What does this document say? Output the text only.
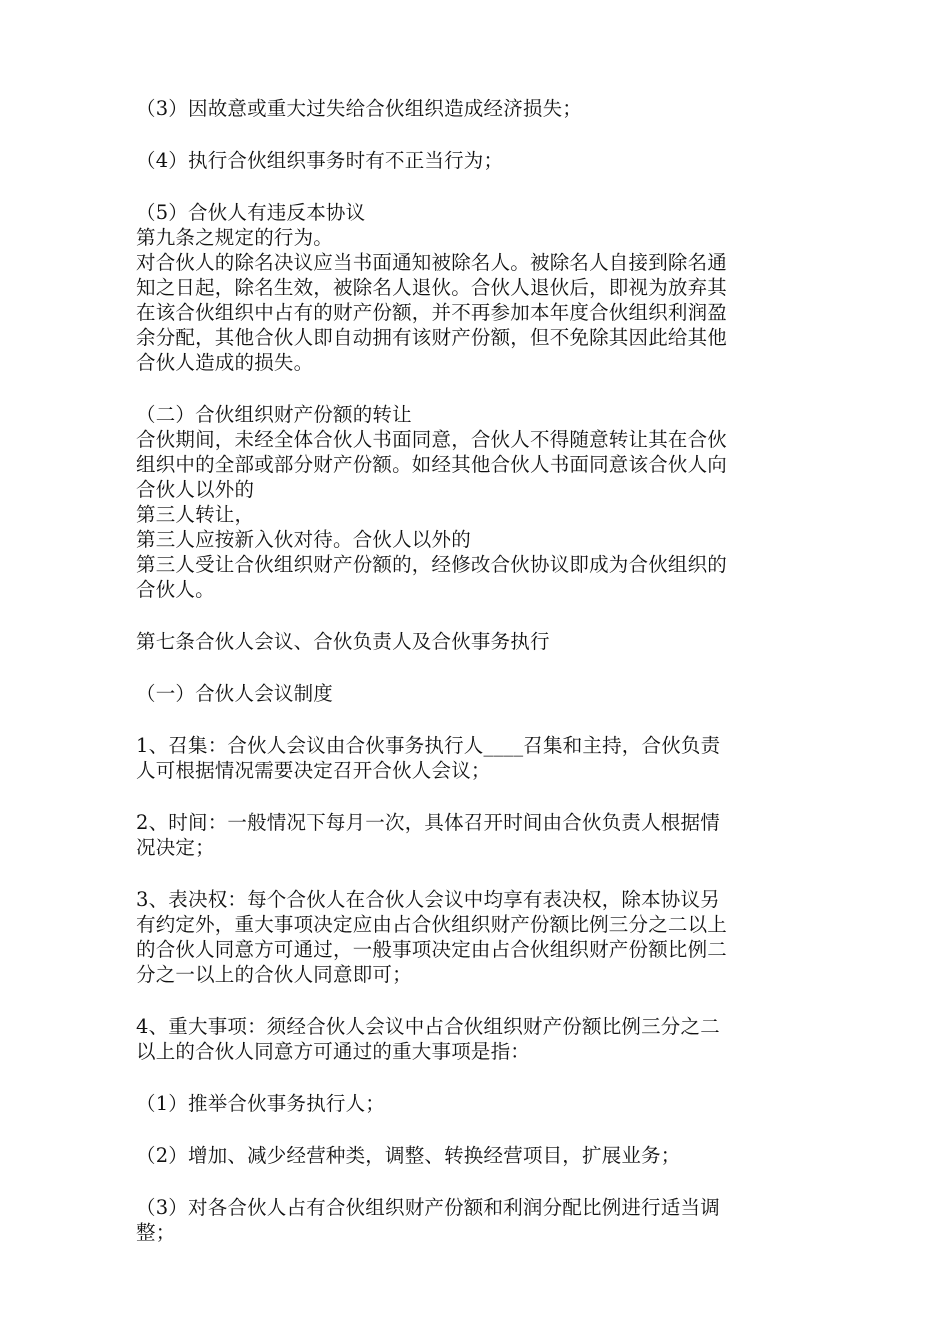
（3）因故意或重大过失给合伙组织造成经济损失；
（4）执行合伙组织事务时有不正当行为；
（5）合伙人有违反本协议
第九条之规定的行为。
对合伙人的除名决议应当书面通知被除名人。被除名人自接到除名通
知之日起，除名生效，被除名人退伙。合伙人退伙后，即视为放弃其
在该合伙组织中占有的财产份额，并不再参加本年度合伙组织利润盈
余分配，其他合伙人即自动拥有该财产份额，但不免除其因此给其他
合伙人造成的损失。
（二）合伙组织财产份额的转让
合伙期间，未经全体合伙人书面同意，合伙人不得随意转让其在合伙
组织中的全部或部分财产份额。如经其他合伙人书面同意该合伙人向
合伙人以外的
第三人转让，
第三人应按新入伙对待。合伙人以外的
第三人受让合伙组织财产份额的，经修改合伙协议即成为合伙组织的
合伙人。
第七条合伙人会议、合伙负责人及合伙事务执行
（一）合伙人会议制度
1、召集：合伙人会议由合伙事务执行人____召集和主持，合伙负责
人可根据情况需要决定召开合伙人会议；
2、时间：一般情况下每月一次，具体召开时间由合伙负责人根据情
况决定；
3、表决权：每个合伙人在合伙人会议中均享有表决权，除本协议另
有约定外，重大事项决定应由占合伙组织财产份额比例三分之二以上
的合伙人同意方可通过，一般事项决定由占合伙组织财产份额比例二
分之一以上的合伙人同意即可；
4、重大事项：须经合伙人会议中占合伙组织财产份额比例三分之二
以上的合伙人同意方可通过的重大事项是指：
（1）推举合伙事务执行人；
（2）增加、减少经营种类，调整、转换经营项目，扩展业务；
（3）对各合伙人占有合伙组织财产份额和利润分配比例进行适当调
整；
